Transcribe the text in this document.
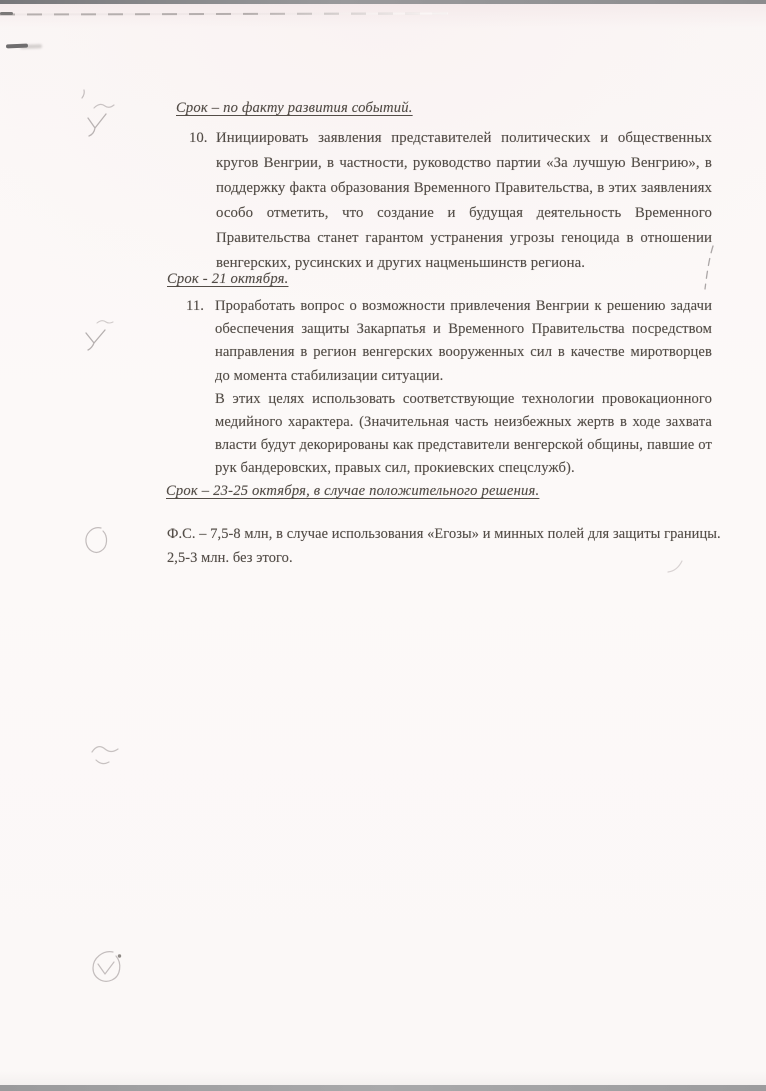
Срок – по факту развития событий.

10. Инициировать заявления представителей политических и общественных кругов Венгрии, в частности, руководство партии «За лучшую Венгрию», в поддержку факта образования Временного Правительства, в этих заявлениях особо отметить, что создание и будущая деятельность Временного Правительства станет гарантом устранения угрозы геноцида в отношении венгерских, русинских и других нацменьшинств региона.

Срок - 21 октября.

11. Проработать вопрос о возможности привлечения Венгрии к решению задачи обеспечения защиты Закарпатья и Временного Правительства посредством направления в регион венгерских вооруженных сил в качестве миротворцев до момента стабилизации ситуации.

В этих целях использовать соответствующие технологии провокационного медийного характера. (Значительная часть неизбежных жертв в ходе захвата власти будут декорированы как представители венгерской общины, павшие от рук бандеровских, правых сил, прокиевских спецслужб).

Срок – 23-25 октября, в случае положительного решения.

Ф.С. – 7,5-8 млн, в случае использования «Егозы» и минных полей для защиты границы.

2,5-3 млн. без этого.
